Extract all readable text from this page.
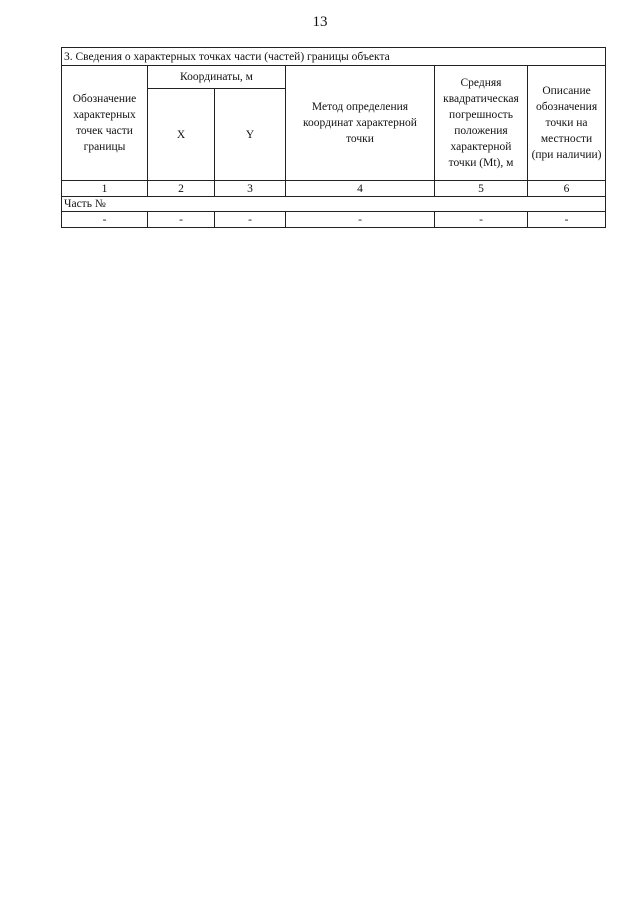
13
3. Сведения о характерных точках части (частей) границы объекта					
Обозначение характерных точек части границы	Координаты, м		Метод определения координат характерной точки	Средняя квадратическая погрешность положения характерной точки (Mt), м	Описание обозначения точки на местности (при наличии)
	X	Y			
1	2	3	4	5	6
Часть №					
-	-	-	-	-	-
